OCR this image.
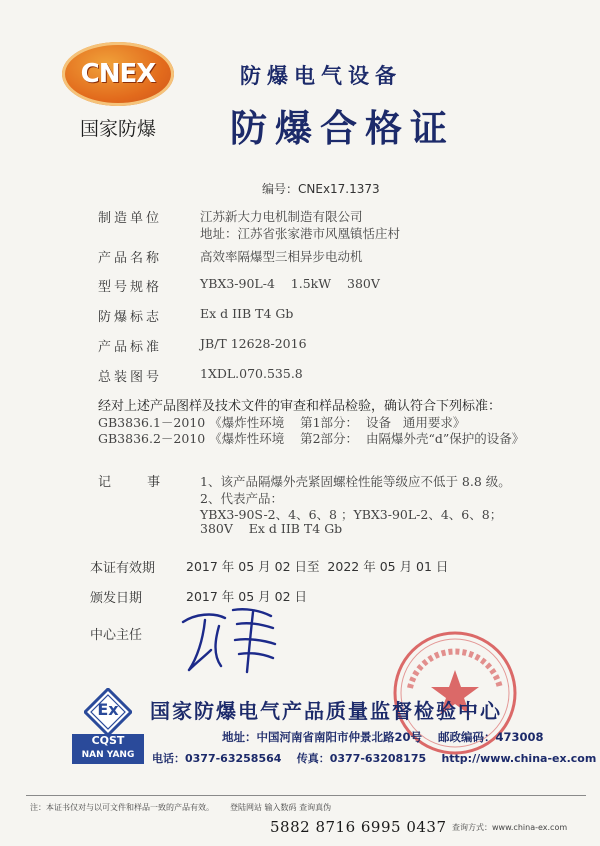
CNEX
国家防爆
防爆电气设备
防爆合格证
编号：CNEx17.1373
制造单位	江苏新大力电机制造有限公司
地址：江苏省张家港市风凰镇恬庄村
产品名称	高效率隔爆型三相异步电动机
型号规格	YBX3-90L-4    1.5kW    380V
防爆标志	Ex d IIB T4 Gb
产品标准	JB/T 12628-2016
总装图号	1XDL.070.535.8
经对上述产品图样及技术文件的审查和样品检验，确认符合下列标准：
GB3836.1－2010 《爆炸性环境    第1部分：  设备   通用要求》
GB3836.2－2010 《爆炸性环境    第2部分：  由隔爆外壳“d”保护的设备》
记 事 1、该产品隔爆外壳紧固螺栓性能等级应不低于 8.8 级。
2、代表产品：
YBX3-90S-2、4、6、8 ；YBX3-90L-2、4、6、8；
380V    Ex d IIB T4 Gb
本证有效期 2017 年 05 月 02 日至  2022 年 05 月 01 日
颁发日期	2017 年 05 月 02 日
中心主任
Ex
CQST
NAN YANG
国家防爆电气产品质量监督检验中心
地址：中国河南省南阳市仲景北路20号    邮政编码：473008
电话：0377-63258564    传真：0377-63208175    http://www.china-ex.com
注：本证书仅对与以可文件和样品一致的产品有效。 登陆网站 输入数码 查询真伪
5882 8716 6995 0437 查询方式：www.china-ex.com
